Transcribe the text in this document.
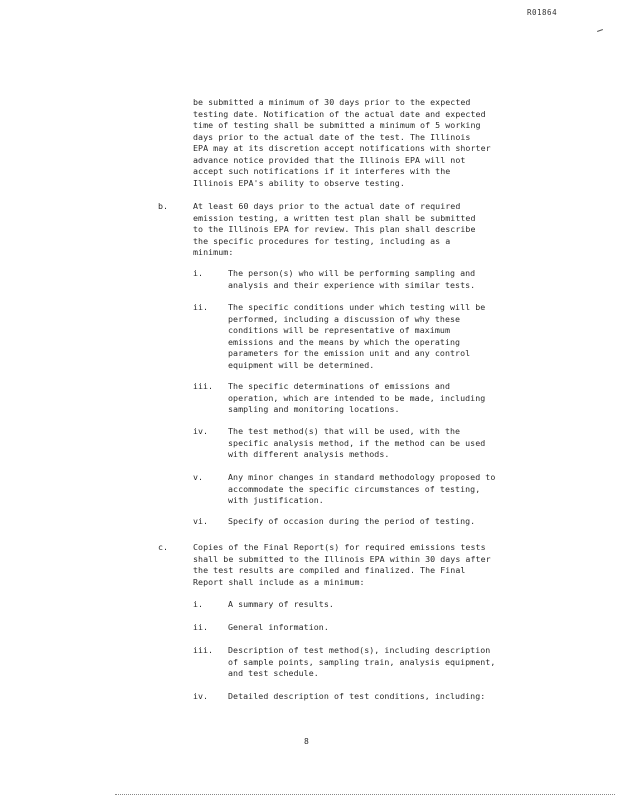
R01864

be submitted a minimum of 30 days prior to the expected

testing date. Notification of the actual date and expected

time of testing shall be submitted a minimum of 5 working

days prior to the actual date of the test. The Illinois

EPA may at its discretion accept notifications with shorter

advance notice provided that the Illinois EPA will not

accept such notifications if it interferes with the

Illinois EPA's ability to observe testing.

b.	At least 60 days prior to the actual date of required

emission testing, a written test plan shall be submitted

to the Illinois EPA for review. This plan shall describe

the specific procedures for testing, including as a

minimum:

i.	The person(s) who will be performing sampling and

analysis and their experience with similar tests.

ii. The specific conditions under which testing will be

performed, including a discussion of why these

conditions will be representative of maximum

emissions and the means by which the operating

parameters for the emission unit and any control

equipment will be determined.

iii. The specific determinations of emissions and

operation, which are intended to be made, including

sampling and monitoring locations.

iv. The test method(s) that will be used, with the

specific analysis method, if the method can be used

with different analysis methods.

v.	Any minor changes in standard methodology proposed to

accommodate the specific circumstances of testing,

with justification.

vi. Specify of occasion during the period of testing.

c.	Copies of the Final Report(s) for required emissions tests

shall be submitted to the Illinois EPA within 30 days after

the test results are compiled and finalized. The Final

Report shall include as a minimum:

i.	A summary of results.

ii. General information.

iii. Description of test method(s), including description

of sample points, sampling train, analysis equipment,

and test schedule.

iv. Detailed description of test conditions, including:

8
